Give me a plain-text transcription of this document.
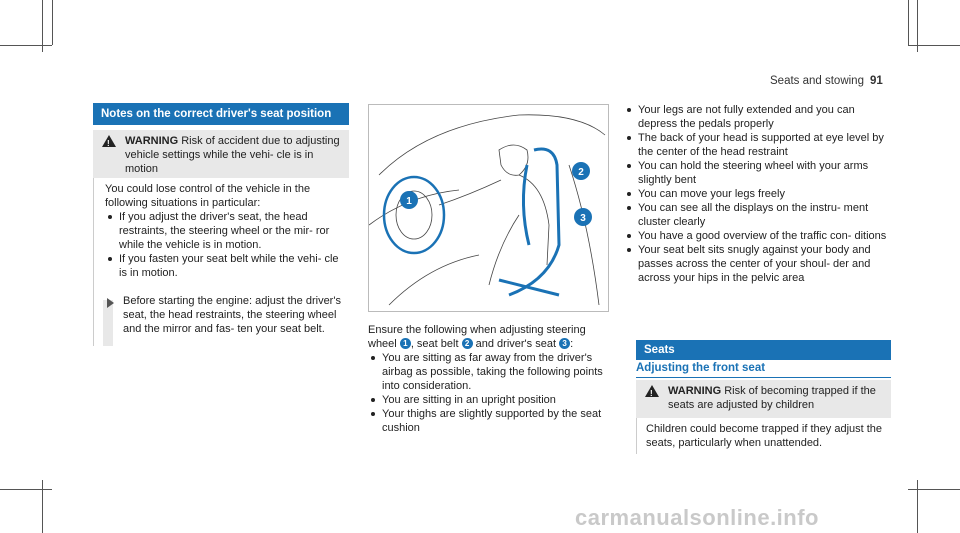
Seats and stowing 91
Notes on the correct driver's seat position
!
WARNING Risk of accident due to adjusting vehicle settings while the vehi- cle is in motion

You could lose control of the vehicle in the following situations in particular:

If you adjust the driver's seat, the head restraints, the steering wheel or the mir- ror while the vehicle is in motion.
If you fasten your seat belt while the vehi- cle is in motion.
Before starting the engine: adjust the driver's seat, the head restraints, the steering wheel and the mirror and fas- ten your seat belt.
1
2
3

Ensure the following when adjusting steering wheel 1 , seat belt 2 and driver's seat 3 :

You are sitting as far away from the driver's airbag as possible, taking the following points into consideration.
You are sitting in an upright position
Your thighs are slightly supported by the seat cushion
Your legs are not fully extended and you can depress the pedals properly
The back of your head is supported at eye level by the center of the head restraint
You can hold the steering wheel with your arms slightly bent
You can move your legs freely
You can see all the displays on the instru- ment cluster clearly
You have a good overview of the traffic con- ditions
Your seat belt sits snugly against your body and passes across the center of your shoul- der and across your hips in the pelvic area
Seats
Adjusting the front seat
!
WARNING Risk of becoming trapped if the seats are adjusted by children
Children could become trapped if they adjust the seats, particularly when unattended.
carmanualsonline.info
